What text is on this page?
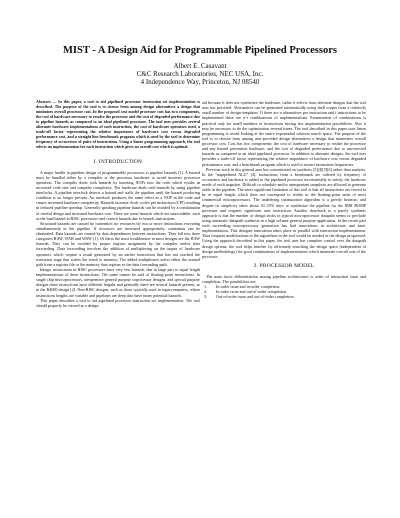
MIST - A Design Aid for Programmable Pipelined Processors
Albert E. Casavant
C&C Research Laboratories, NEC USA, Inc.
4 Independence Way, Princeton, NJ 08540

Abstract — In this paper, a tool to aid pipelined processor instruction set implementation is described. The purpose of the tool is to choose from among design alternatives a design that minimizes overall processor cost. In the proposed cost model processor cost has two components, the cost of hardware necessary to resolve the processor and the cost of degraded performance due to pipeline hazards as compared to an ideal pipelined processor. The tool user provides several alternate hardware implementations of each instruction, the cost of hardware operators used, a trade-off factor representing the relative importance of hardware cost versus degraded performance cost, and a straight line benchmark program which is used by the tool to determine frequency of occurrence of pairs of instructions. Using a linear programming approach, the tool selects an implementation for each instruction which gives an overall cost which is optimal.

I. INTRODUCTION

A major hurdle in pipeline design of programmable processors is pipeline hazards [1]. A hazard must be handled either by a compiler or the processor hardware to avoid incorrect processor operation. The compiler deals with hazards by inserting NOPs into the code which results in increased code size and compiler complexity. The hardware deals with hazards by using pipeline interlocks. A pipeline interlock detects a hazard and stalls the pipeline until the hazard producing condition is no longer present. An interlock produces the same effect as a NOP in the code and causes increased hardware complexity. Hazards increase clock cycles per instruction (CPI) resulting in reduced pipeline speedup. Generally speaking pipeline hazards can be avoided by a combination of careful design and increased hardware cost. There are some hazards which are unavoidable, such as the load hazard in RISC processors and control hazards due to branch instructions.

Structural hazards are caused by contention for resources by two or more instructions executing simultaneously in the pipeline. If resources are increased appropriately, contention can be eliminated. Data hazards are caused by data dependences between instructions. They fall into three categories RAW, WAR and WAW [1]. Of these the most troublesome in most designs are the RAW hazards. They can be avoided by proper register assignment by the compiler and/or data forwarding. Data forwarding involves the addition of multiplexing on the inputs of hardware operators which require a result generated by an earlier instruction that has not reached the execution stage that writes the result to memory. The added multiplexers select either the normal path from a register file or the memory data register or the data forwarding path.

Integer instructions in RISC processors have very few hazards, due in large part to equal length implementations of these instructions. The same cannot be said of floating-point instructions. In single chip microprocessors, inexpensive general purpose coprocessor designs, and special purpose designs these instructions have different lengths and generally there are several hazards present, as in the R4000 design [2]. Non-RISC designs, such as those typically used in supercomputers, where instructions lengths are variable and pipelines are deep also have many potential hazards.

This paper describes a tool to aid pipelined processor instruction set implementation. The tool should properly be viewed as a design

aid because it does not synthesize the hardware, rather it selects from alternate designs that the tool user has provided. Alternatives can be generated automatically using shell scripts from a relatively small number of design templates. If there are n alternatives per instruction and i instructions to be implemented there are n^i combinations of implementations. Enumeration of combinations is practical only for small numbers of instructions having few implementation possibilities. Also it may be necessary to do the optimization several times. The tool described in this paper uses linear programming to avoid looking at the entire exponential solution search space. The purpose of the tool is to choose from among user-provided design alternatives a design that minimizes overall processor cost. Cost has two components: the cost of hardware necessary to realize the processor and any hazard prevention hardware, and the cost of degraded performance due to uncorrected hazards as compared to an ideal pipelined processor. In addition to alternate designs, the tool user provides a trade-off factor representing the relative importance of hardware cost versus degraded performance cost, and a benchmark program which is used to extract instruction frequencies.

Previous work in this general area has concentrated on synthesis [3][4][5][6] rather than analysis. In the "unpipelined ALU" [4], instructions from a benchmark are ordered by frequency of occurrence and hardware is added to the pipelined processor incrementally to satisfy the hardware needs of each snapshot. Difficult to schedule and/or unimportant snapshots are allowed to generate stalls in the pipeline. The most significant limitation of this tool is that all instructions are forced to be of equal length, which does not correspond to reality in the floating-point units of most commercial microprocessors. The underlying optimization algorithm is a greedy heuristic and despite its simplicity takes about 30 CPU days to synthesize the pipeline for the IBM ROMP processor and requires significant user interaction. Another drawback to a purely synthesis approach is that the number of design tricks in typical microprocessor datapath seems to preclude using automatic datapath synthesis in a high volume general purpose application. In the recent past each succeeding microprocessor generation has had innovations in architecture and basic implementation. This designer innovation takes place in parallel with instruction implementation. Thus frequent modifications to the algorithms in the tool would be needed as the design progressed. Using the approach described in this paper, the tool user has complete control over the datapath design options, the tool helps him/her by efficiently searching the design space (independent of design methodology) for good combinations of implementations which minimize overall cost of the processor.

2. PROCESSOR MODEL

The main basic differentiation among pipeline architectures is order of instruction issue and completion. The possibilities are:

1. In-order issue and in-order completion.
2. In-order issue and out-of-order completion.
3. Out-of-order issue and out-of-order completion.
